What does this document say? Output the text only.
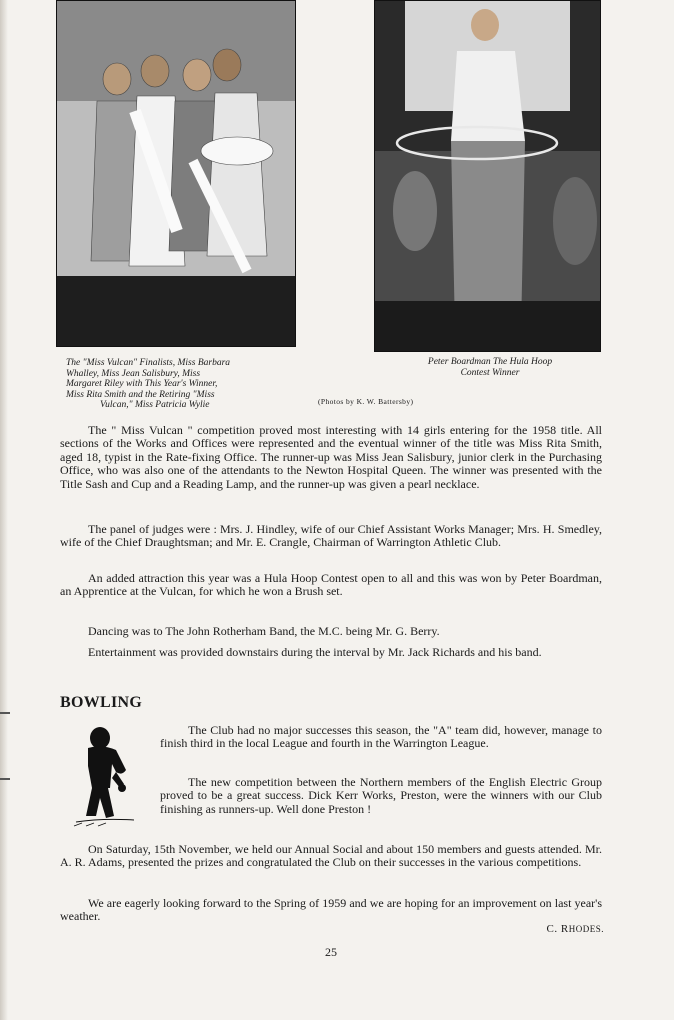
The "Miss Vulcan" Finalists, Miss Barbara
Whalley, Miss Jean Salisbury, Miss
Margaret Riley with This Year's Winner,
Miss Rita Smith and the Retiring "Miss
Vulcan," Miss Patricia Wylie
Peter Boardman The Hula Hoop
Contest Winner
(Photos by K. W. Battersby)

The " Miss Vulcan " competition proved most interesting with 14 girls entering for the 1958 title. All sections of the Works and Offices were represented and the eventual winner of the title was Miss Rita Smith, aged 18, typist in the Rate-fixing Office. The runner-up was Miss Jean Salisbury, junior clerk in the Purchasing Office, who was also one of the attendants to the Newton Hospital Queen. The winner was presented with the Title Sash and Cup and a Reading Lamp, and the runner-up was given a pearl necklace.

The panel of judges were : Mrs. J. Hindley, wife of our Chief Assistant Works Manager; Mrs. H. Smedley, wife of the Chief Draughtsman; and Mr. E. Crangle, Chairman of Warrington Athletic Club.

An added attraction this year was a Hula Hoop Contest open to all and this was won by Peter Boardman, an Apprentice at the Vulcan, for which he won a Brush set.

Dancing was to The John Rotherham Band, the M.C. being Mr. G. Berry.

Entertainment was provided downstairs during the interval by Mr. Jack Richards and his band.

BOWLING

The Club had no major successes this season, the "A" team did, however, manage to finish third in the local League and fourth in the Warrington League.

The new competition between the Northern members of the English Electric Group proved to be a great success. Dick Kerr Works, Preston, were the winners with our Club finishing as runners-up. Well done Preston !

On Saturday, 15th November, we held our Annual Social and about 150 members and guests attended. Mr. A. R. Adams, presented the prizes and congratulated the Club on their successes in the various competitions.

We are eagerly looking forward to the Spring of 1959 and we are hoping for an improvement on last year's weather.

C. RHODES.
25
